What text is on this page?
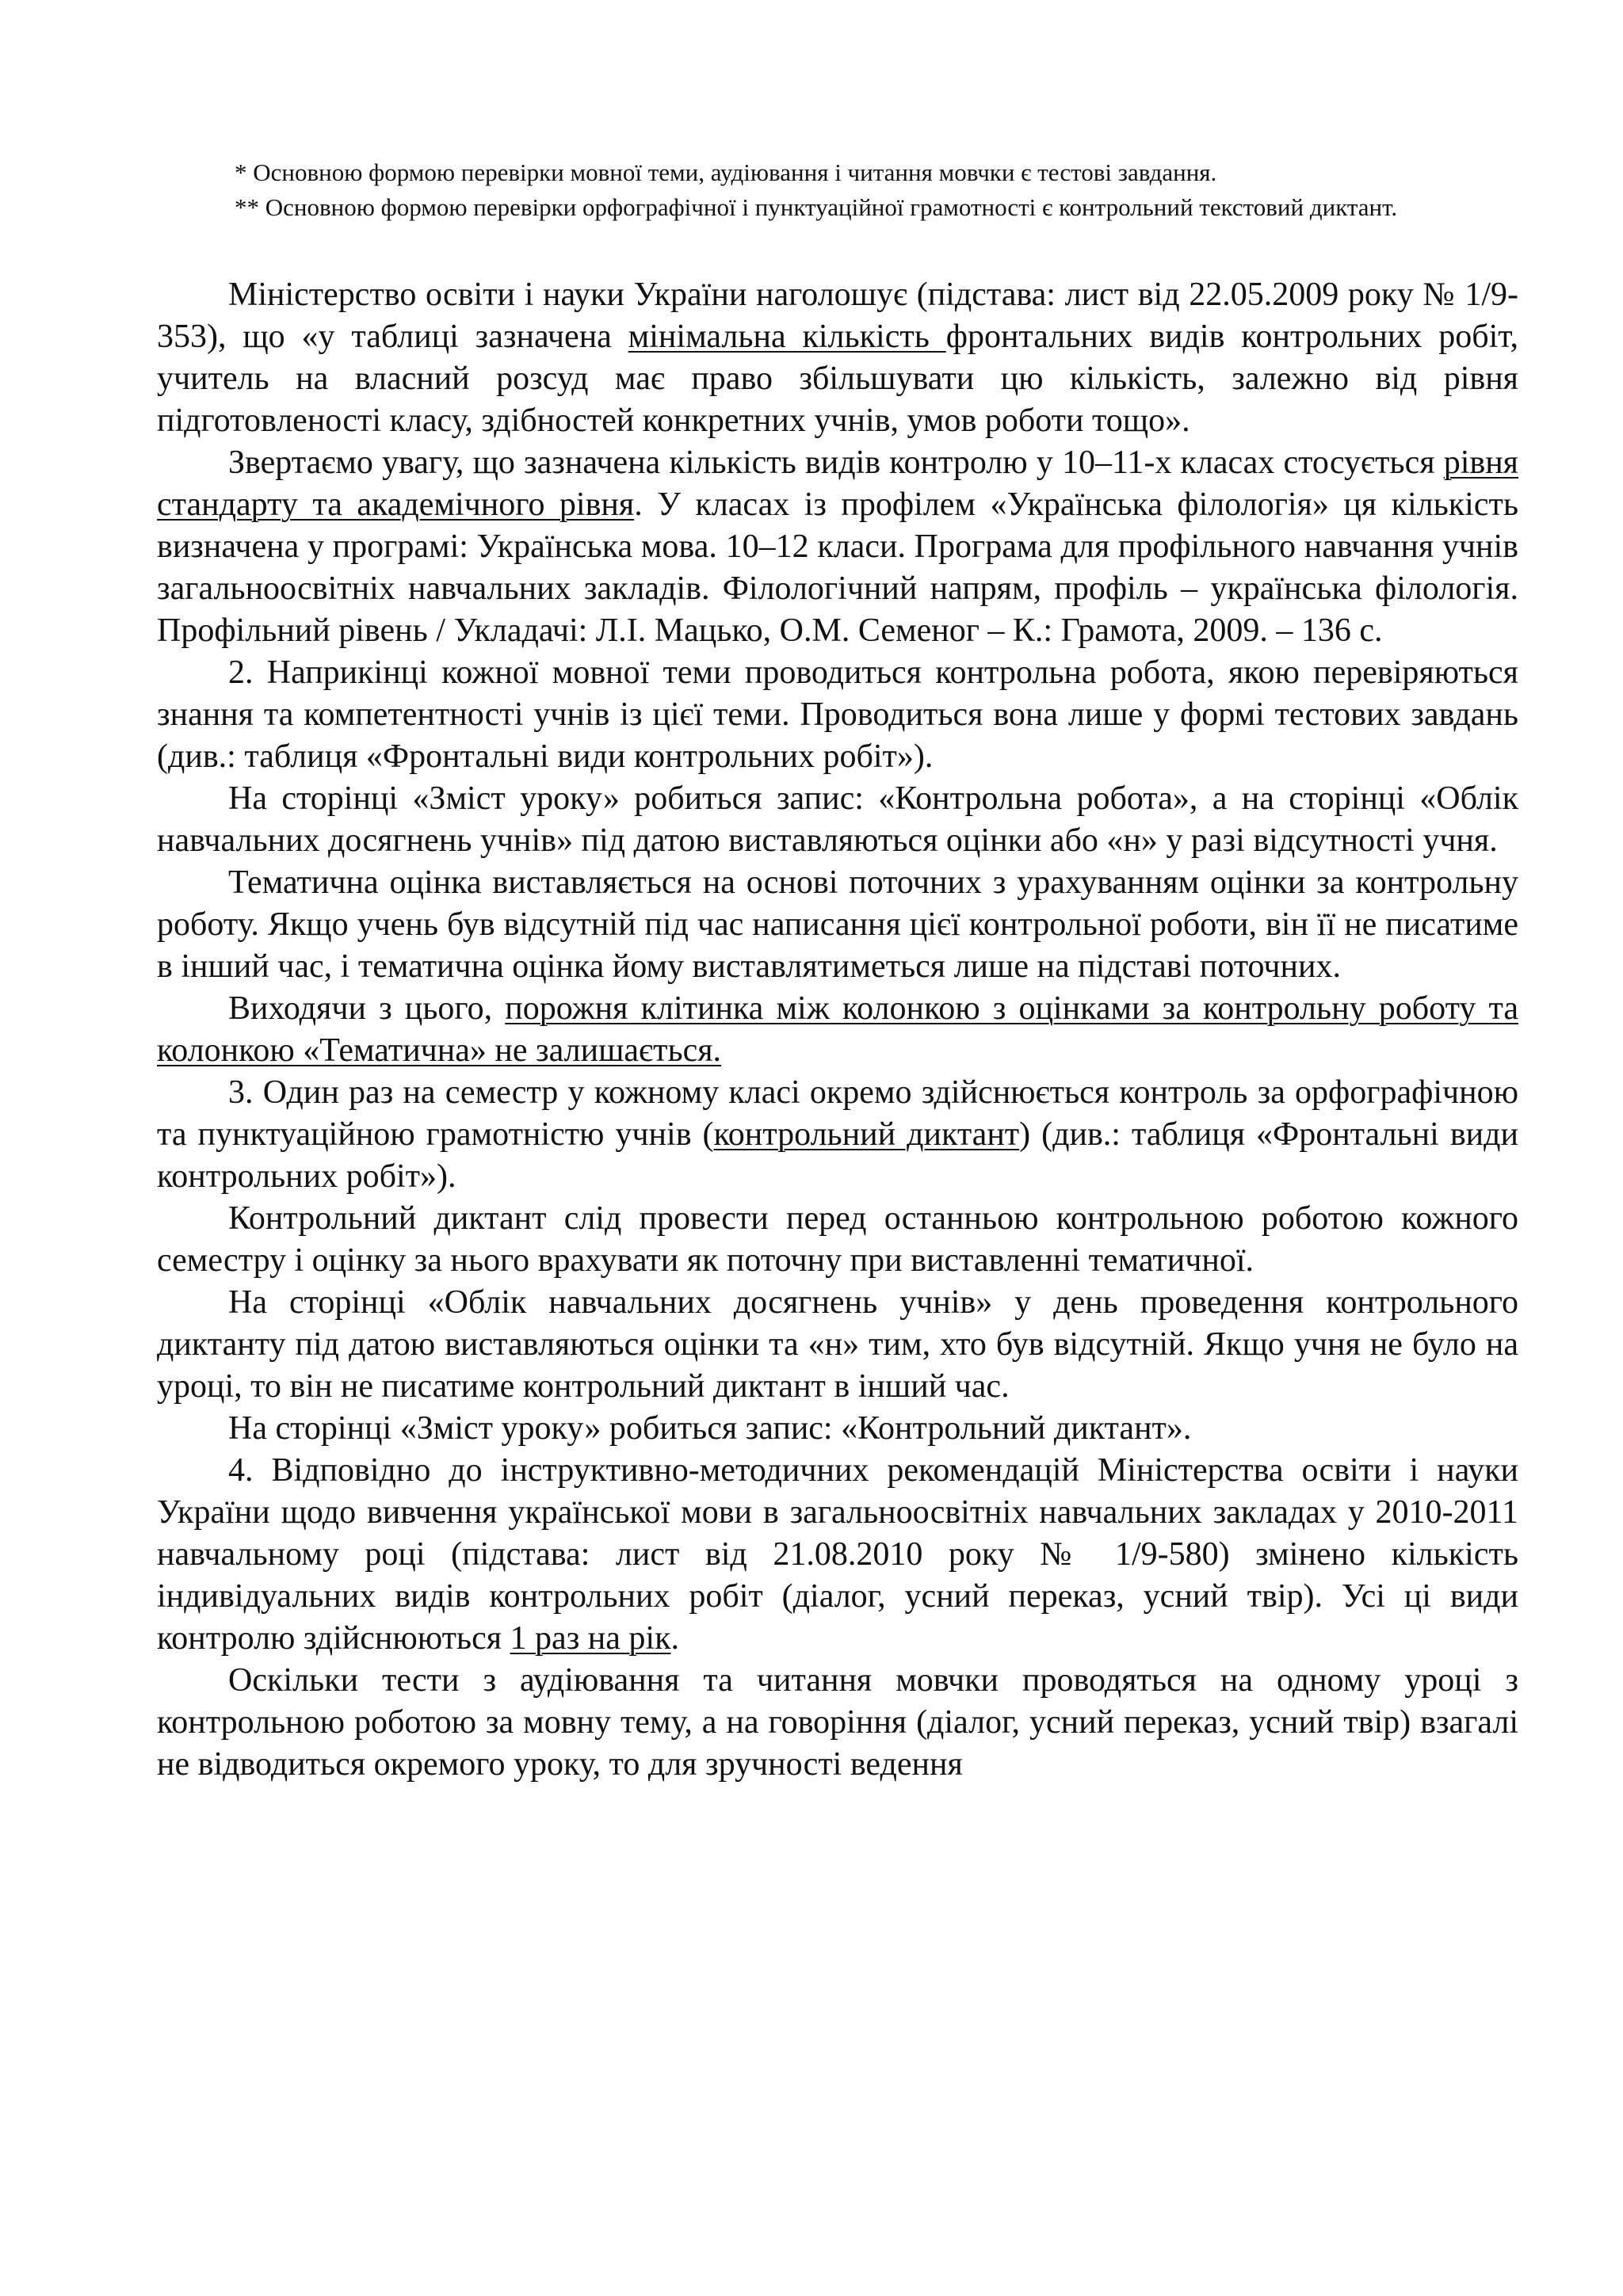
* Основною формою перевірки мовної теми, аудіювання і читання мовчки є тестові завдання.

** Основною формою перевірки орфографічної і пунктуаційної грамотності є контрольний текстовий диктант.

Міністерство освіти і науки України наголошує (підстава: лист від 22.05.2009 року № 1/9-353), що «у таблиці зазначена мінімальна кількість фронтальних видів контрольних робіт, учитель на власний розсуд має право збільшувати цю кількість, залежно від рівня підготовленості класу, здібностей конкретних учнів, умов роботи тощо».

Звертаємо увагу, що зазначена кількість видів контролю у 10–11-х класах стосується рівня стандарту та академічного рівня. У класах із профілем «Українська філологія» ця кількість визначена у програмі: Українська мова. 10–12 класи. Програма для профільного навчання учнів загальноосвітніх навчальних закладів. Філологічний напрям, профіль – українська філологія. Профільний рівень / Укладачі: Л.І. Мацько, О.М. Семеног – К.: Грамота, 2009. – 136 с.

2. Наприкінці кожної мовної теми проводиться контрольна робота, якою перевіряються знання та компетентності учнів із цієї теми. Проводиться вона лише у формі тестових завдань (див.: таблиця «Фронтальні види контрольних робіт»).

На сторінці «Зміст уроку» робиться запис: «Контрольна робота», а на сторінці «Облік навчальних досягнень учнів» під датою виставляються оцінки або «н» у разі відсутності учня.

Тематична оцінка виставляється на основі поточних з урахуванням оцінки за контрольну роботу. Якщо учень був відсутній під час написання цієї контрольної роботи, він її не писатиме в інший час, і тематична оцінка йому виставлятиметься лише на підставі поточних.

Виходячи з цього, порожня клітинка між колонкою з оцінками за контрольну роботу та колонкою «Тематична» не залишається.

3. Один раз на семестр у кожному класі окремо здійснюється контроль за орфографічною та пунктуаційною грамотністю учнів (контрольний диктант) (див.: таблиця «Фронтальні види контрольних робіт»).

Контрольний диктант слід провести перед останньою контрольною роботою кожного семестру і оцінку за нього врахувати як поточну при виставленні тематичної.

На сторінці «Облік навчальних досягнень учнів» у день проведення контрольного диктанту під датою виставляються оцінки та «н» тим, хто був відсутній. Якщо учня не було на уроці, то він не писатиме контрольний диктант в інший час.

На сторінці «Зміст уроку» робиться запис: «Контрольний диктант».

4. Відповідно до інструктивно-методичних рекомендацій Міністерства освіти і науки України щодо вивчення української мови в загальноосвітніх навчальних закладах у 2010-2011 навчальному році (підстава: лист від 21.08.2010 року № 1/9-580) змінено кількість індивідуальних видів контрольних робіт (діалог, усний переказ, усний твір). Усі ці види контролю здійснюються 1 раз на рік.

Оскільки тести з аудіювання та читання мовчки проводяться на одному уроці з контрольною роботою за мовну тему, а на говоріння (діалог, усний переказ, усний твір) взагалі не відводиться окремого уроку, то для зручності ведення
